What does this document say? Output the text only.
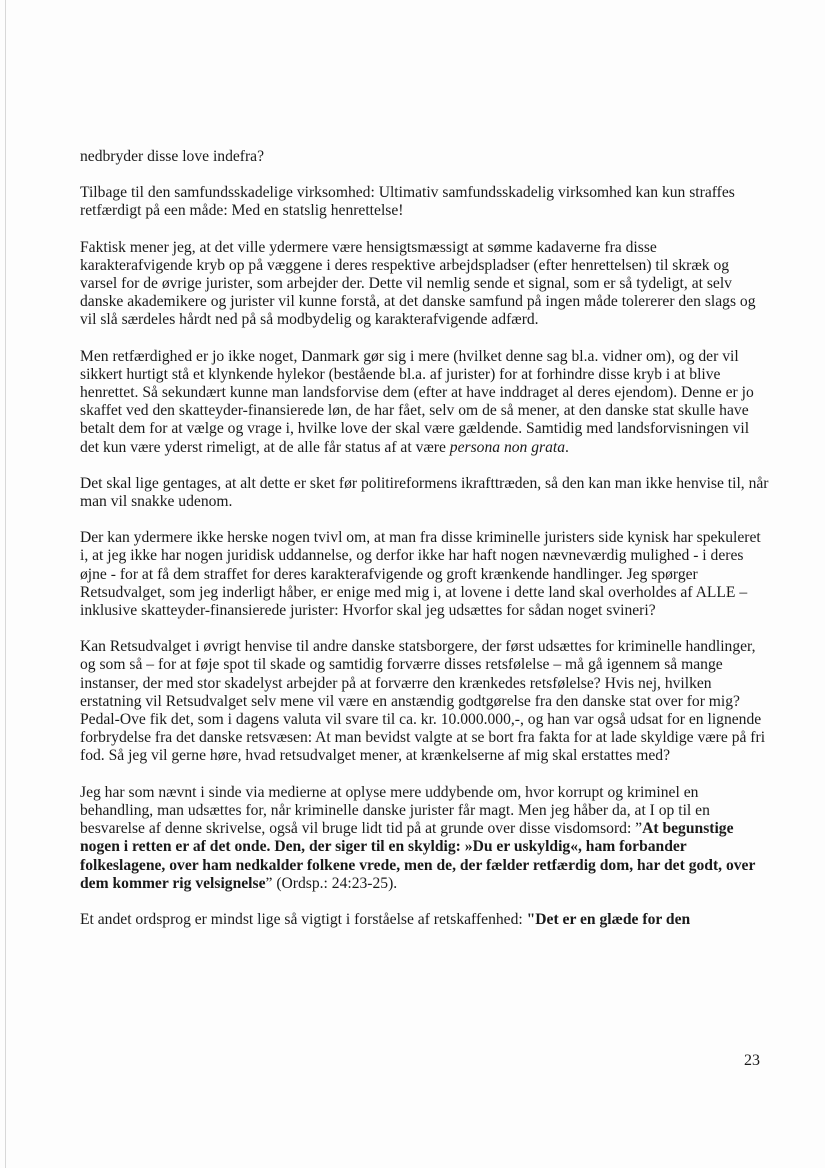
nedbryder disse love indefra?

Tilbage til den samfundsskadelige virksomhed: Ultimativ samfundsskadelig virksomhed kan kun straffes retfærdigt på een måde: Med en statslig henrettelse!

Faktisk mener jeg, at det ville ydermere være hensigtsmæssigt at sømme kadaverne fra disse karakterafvigende kryb op på væggene i deres respektive arbejdspladser (efter henrettelsen) til skræk og varsel for de øvrige jurister, som arbejder der. Dette vil nemlig sende et signal, som er så tydeligt, at selv danske akademikere og jurister vil kunne forstå, at det danske samfund på ingen måde tolererer den slags og vil slå særdeles hårdt ned på så modbydelig og karakterafvigende adfærd.

Men retfærdighed er jo ikke noget, Danmark gør sig i mere (hvilket denne sag bl.a. vidner om), og der vil sikkert hurtigt stå et klynkende hylekor (bestående bl.a. af jurister) for at forhindre disse kryb i at blive henrettet. Så sekundært kunne man landsforvise dem (efter at have inddraget al deres ejendom). Denne er jo skaffet ved den skatteyder-finansierede løn, de har fået, selv om de så mener, at den danske stat skulle have betalt dem for at vælge og vrage i, hvilke love der skal være gældende. Samtidig med landsforvisningen vil det kun være yderst rimeligt, at de alle får status af at være persona non grata.

Det skal lige gentages, at alt dette er sket før politireformens ikrafttræden, så den kan man ikke henvise til, når man vil snakke udenom.

Der kan ydermere ikke herske nogen tvivl om, at man fra disse kriminelle juristers side kynisk har spekuleret i, at jeg ikke har nogen juridisk uddannelse, og derfor ikke har haft nogen nævneværdig mulighed - i deres øjne - for at få dem straffet for deres karakterafvigende og groft krænkende handlinger. Jeg spørger Retsudvalget, som jeg inderligt håber, er enige med mig i, at lovene i dette land skal overholdes af ALLE – inklusive skatteyder-finansierede jurister: Hvorfor skal jeg udsættes for sådan noget svineri?

Kan Retsudvalget i øvrigt henvise til andre danske statsborgere, der først udsættes for kriminelle handlinger, og som så – for at føje spot til skade og samtidig forværre disses retsfølelse – må gå igennem så mange instanser, der med stor skadelyst arbejder på at forværre den krænkedes retsfølelse? Hvis nej, hvilken erstatning vil Retsudvalget selv mene vil være en anstændig godtgørelse fra den danske stat over for mig? Pedal-Ove fik det, som i dagens valuta vil svare til ca. kr. 10.000.000,-, og han var også udsat for en lignende forbrydelse fra det danske retsvæsen: At man bevidst valgte at se bort fra fakta for at lade skyldige være på fri fod. Så jeg vil gerne høre, hvad retsudvalget mener, at krænkelserne af mig skal erstattes med?

Jeg har som nævnt i sinde via medierne at oplyse mere uddybende om, hvor korrupt og kriminel en behandling, man udsættes for, når kriminelle danske jurister får magt. Men jeg håber da, at I op til en besvarelse af denne skrivelse, også vil bruge lidt tid på at grunde over disse visdomsord: ”At begunstige nogen i retten er af det onde. Den, der siger til en skyldig: »Du er uskyldig«, ham forbander folkeslagene, over ham nedkalder folkene vrede, men de, der fælder retfærdig dom, har det godt, over dem kommer rig velsignelse” (Ordsp.: 24:23-25).

Et andet ordsprog er mindst lige så vigtigt i forståelse af retskaffenhed: "Det er en glæde for den

23
